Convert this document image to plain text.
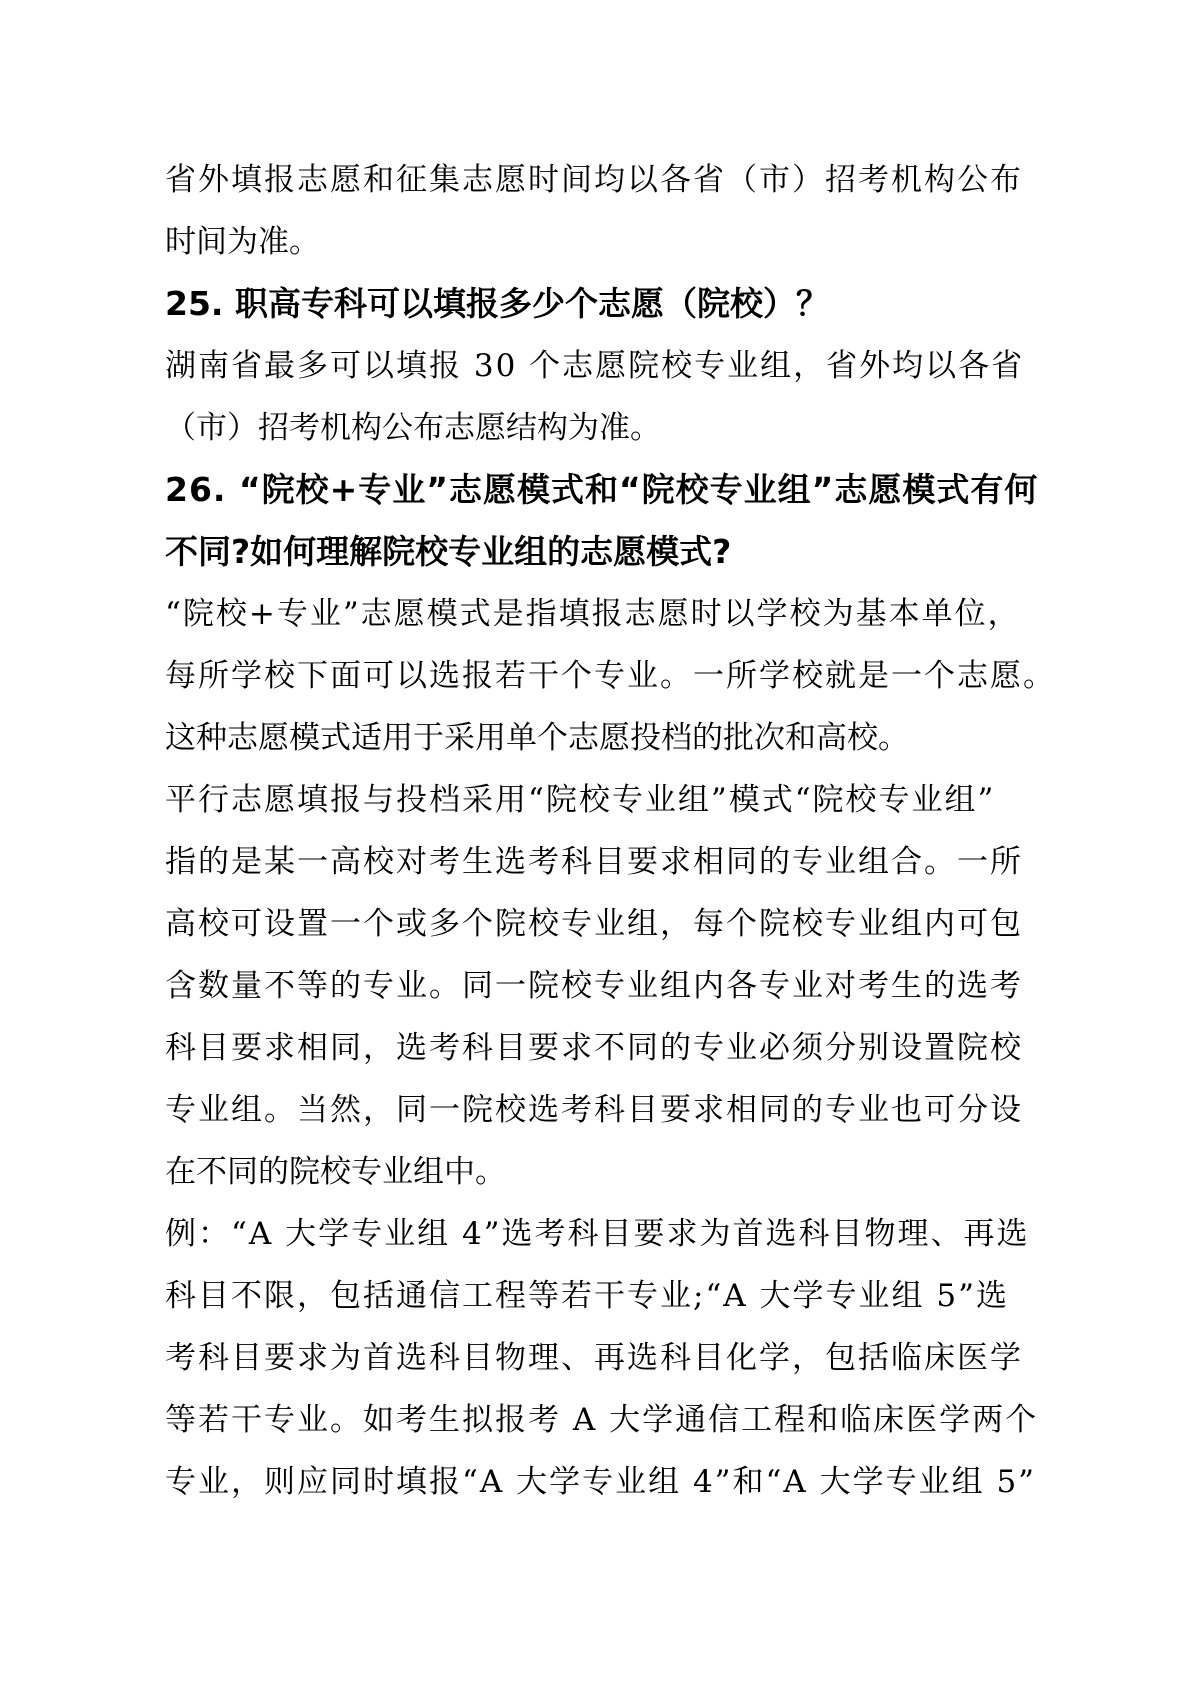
省外填报志愿和征集志愿时间均以各省（市）招考机构公布
时间为准。
25. 职高专科可以填报多少个志愿（院校）？
湖南省最多可以填报 30 个志愿院校专业组，省外均以各省
（市）招考机构公布志愿结构为准。
26. “院校+专业”志愿模式和“院校专业组”志愿模式有何
不同?如何理解院校专业组的志愿模式?
“院校+专业”志愿模式是指填报志愿时以学校为基本单位，
每所学校下面可以选报若干个专业。一所学校就是一个志愿。
这种志愿模式适用于采用单个志愿投档的批次和高校。
平行志愿填报与投档采用“院校专业组”模式“院校专业组”
指的是某一高校对考生选考科目要求相同的专业组合。一所
高校可设置一个或多个院校专业组，每个院校专业组内可包
含数量不等的专业。同一院校专业组内各专业对考生的选考
科目要求相同，选考科目要求不同的专业必须分别设置院校
专业组。当然，同一院校选考科目要求相同的专业也可分设
在不同的院校专业组中。
例：“A 大学专业组 4”选考科目要求为首选科目物理、再选
科目不限，包括通信工程等若干专业;“A 大学专业组 5”选
考科目要求为首选科目物理、再选科目化学，包括临床医学
等若干专业。如考生拟报考 A 大学通信工程和临床医学两个
专业，则应同时填报“A 大学专业组 4”和“A 大学专业组 5”
